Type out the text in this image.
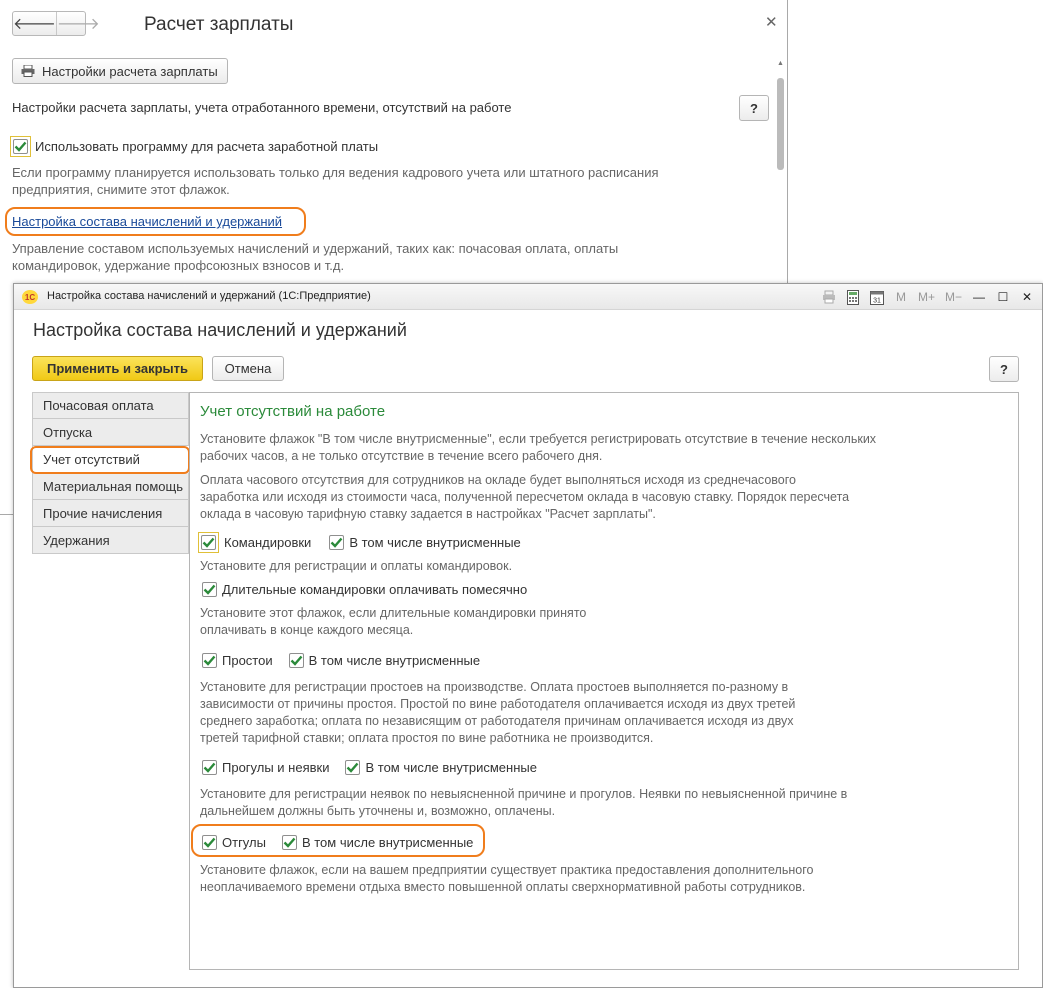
🡐 🡒 Расчет зарплаты	✕
Настройки расчета зарплаты
Настройки расчета зарплаты, учета отработанного времени, отсутствий на работе	?
Использовать программу для расчета заработной платы
Если программу планируется использовать только для ведения кадрового учета или штатного расписания
предприятия, снимите этот флажок.
Настройка состава начислений и удержаний
Управление составом используемых начислений и удержаний, таких как: почасовая оплата, оплаты
командировок, удержание профсоюзных взносов и т.д.
▲
1С Настройка состава начислений и удержаний (1С:Предприятие)	31 M M+ M− — ☐ ✕
Настройка состава начислений и удержаний
Применить и закрыть	Отмена	?
Почасовая оплата
Отпуска
Учет отсутствий
Материальная помощь
Прочие начисления
Удержания
Учет отсутствий на работе
Установите флажок "В том числе внутрисменные", если требуется регистрировать отсутствие в течение нескольких
рабочих часов, а не только отсутствие в течение всего рабочего дня.
Оплата часового отсутствия для сотрудников на окладе будет выполняться исходя из среднечасового
заработка или исходя из стоимости часа, полученной пересчетом оклада в часовую ставку. Порядок пересчета
оклада в часовую тарифную ставку задается в настройках "Расчет зарплаты".
Командировки	В том числе внутрисменные
Установите для регистрации и оплаты командировок.
Длительные командировки оплачивать помесячно
Установите этот флажок, если длительные командировки принято
оплачивать в конце каждого месяца.
Простои	В том числе внутрисменные
Установите для регистрации простоев на производстве. Оплата простоев выполняется по-разному в
зависимости от причины простоя. Простой по вине работодателя оплачивается исходя из двух третей
среднего заработка; оплата по независящим от работодателя причинам оплачивается исходя из двух
третей тарифной ставки; оплата простоя по вине работника не производится.
Прогулы и неявки	В том числе внутрисменные
Установите для регистрации неявок по невыясненной причине и прогулов. Неявки по невыясненной причине в
дальнейшем должны быть уточнены и, возможно, оплачены.
Отгулы	В том числе внутрисменные
Установите флажок, если на вашем предприятии существует практика предоставления дополнительного
неоплачиваемого времени отдыха вместо повышенной оплаты сверхнормативной работы сотрудников.
